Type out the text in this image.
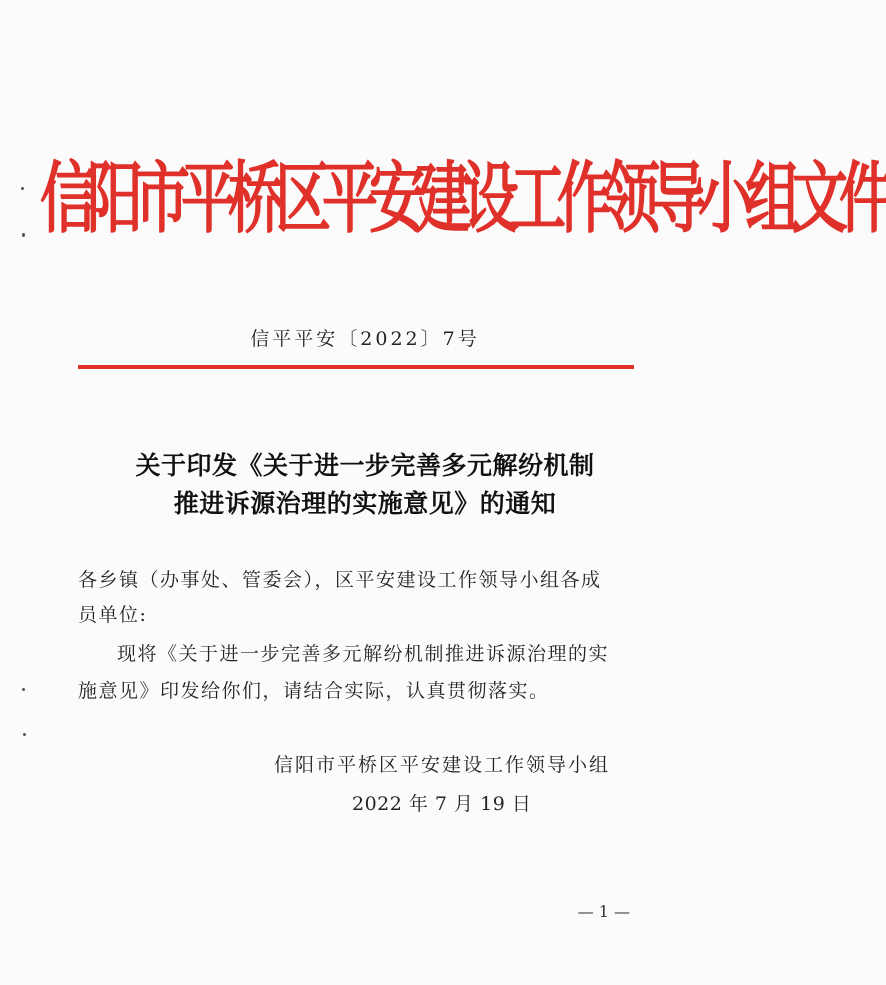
信阳市平桥区平安建设工作领导小组文件
信平平安〔2022〕7号
关于印发《关于进一步完善多元解纷机制
推进诉源治理的实施意见》的通知
各乡镇（办事处、管委会），区平安建设工作领导小组各成
员单位:
现将《关于进一步完善多元解纷机制推进诉源治理的实
施意见》印发给你们，请结合实际，认真贯彻落实。
信阳市平桥区平安建设工作领导小组
2022 年 7 月 19 日
— 1 —
